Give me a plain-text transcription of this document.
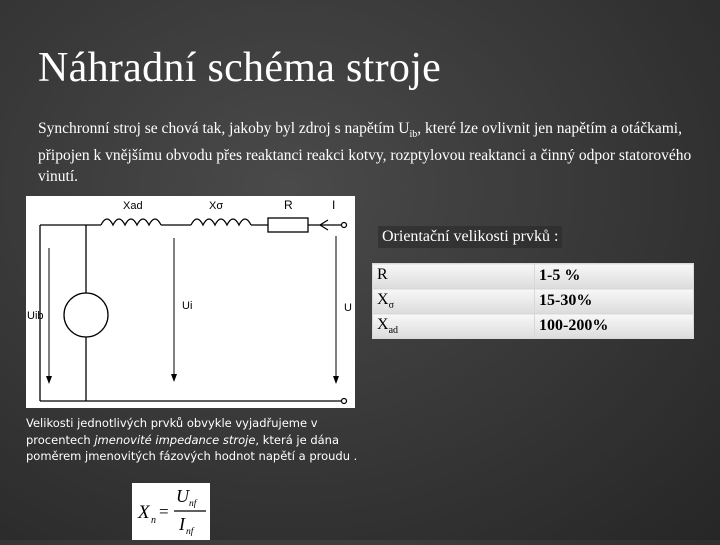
Náhradní schéma stroje

Synchronní stroj se chová tak, jakoby byl zdroj s napětím $U_{ib}$, které lze ovlivnit jen napětím a otáčkami, připojen k vnějšímu obvodu přes reaktanci reakci kotvy, rozptylovou reaktanci a činný odpor statorového vinutí.

Xad	Xσ	R	I
Uib
Ui	U
Orientační velikosti prvků :
R	1-5 %
$X_\sigma$	15-30%
$X_{ad}$	100-200%
Velikosti jednotlivých prvků obvykle vyjadřujeme v procentech jmenovité impedance stroje, která je dána poměrem jmenovitých fázových hodnot napětí a proudu .
X n =
U nf
I nf
